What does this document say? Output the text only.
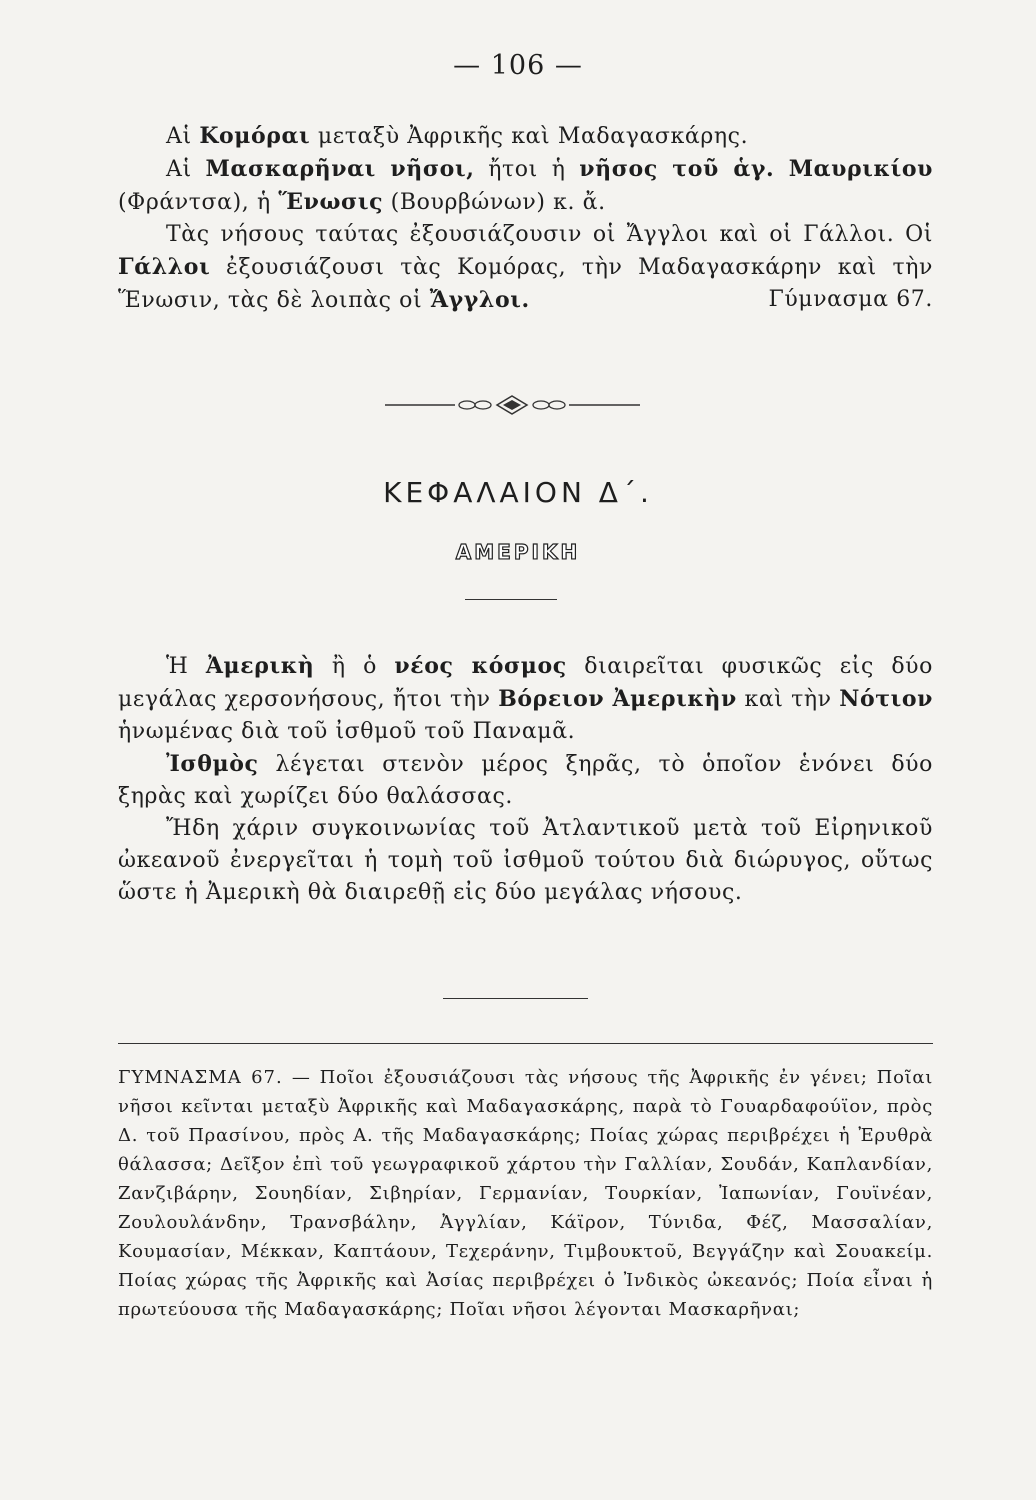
— 106 —

Αἱ Κομόραι μεταξὺ Ἀφρικῆς καὶ Μαδαγασκάρης.

Αἱ Μασκαρῆναι νῆσοι, ἤτοι ἡ νῆσος τοῦ ἁγ. Μαυρικίου (Φράντσα), ἡ Ἕνωσις (Βουρβώνων) κ. ἄ.

Τὰς νήσους ταύτας ἐξουσιάζουσιν οἱ Ἄγγλοι καὶ οἱ Γάλλοι. Οἱ Γάλλοι ἐξουσιάζουσι τὰς Κομόρας, τὴν Μαδαγασκάρην καὶ τὴν Ἕνωσιν, τὰς δὲ λοιπὰς οἱ Ἄγγλοι.	Γύμνασμα 67.

ΚΕΦΑΛΑΙΟΝ Δ΄.
ΑΜΕΡΙΚΗ

Ἡ Ἀμερικὴ ἢ ὁ νέος κόσμος διαιρεῖται φυσικῶς εἰς δύο μεγάλας χερσονήσους, ἤτοι τὴν Βόρειον Ἀμερικὴν καὶ τὴν Νότιον ἡνωμένας διὰ τοῦ ἰσθμοῦ τοῦ Παναμᾶ.

Ἰσθμὸς λέγεται στενὸν μέρος ξηρᾶς, τὸ ὁποῖον ἑνόνει δύο ξηρὰς καὶ χωρίζει δύο θαλάσσας.

Ἤδη χάριν συγκοινωνίας τοῦ Ἀτλαντικοῦ μετὰ τοῦ Εἰρηνικοῦ ὠκεανοῦ ἐνεργεῖται ἡ τομὴ τοῦ ἰσθμοῦ τούτου διὰ διώρυγος, οὕτως ὥστε ἡ Ἀμερικὴ θὰ διαιρεθῇ εἰς δύο μεγάλας νήσους.

ΓΥΜΝΑΣΜΑ 67. — Ποῖοι ἐξουσιάζουσι τὰς νήσους τῆς Ἀφρικῆς ἐν γένει; Ποῖαι νῆσοι κεῖνται μεταξὺ Ἀφρικῆς καὶ Μαδαγασκάρης, παρὰ τὸ Γουαρδαφούϊον, πρὸς Δ. τοῦ Πρασίνου, πρὸς Α. τῆς Μαδαγασκάρης; Ποίας χώρας περιβρέχει ἡ Ἐρυθρὰ θάλασσα; Δεῖξον ἐπὶ τοῦ γεωγραφικοῦ χάρτου τὴν Γαλλίαν, Σουδάν, Καπλανδίαν, Ζανζιβάρην, Σουηδίαν, Σιβηρίαν, Γερμανίαν, Τουρκίαν, Ἰαπωνίαν, Γουϊνέαν, Ζουλουλάνδην, Τρανσβάλην, Ἀγγλίαν, Κάϊρον, Τύνιδα, Φέζ, Μασσαλίαν, Κουμασίαν, Μέκκαν, Καπτάουν, Τεχεράνην, Τιμβουκτοῦ, Βεγγάζην καὶ Σουακείμ. Ποίας χώρας τῆς Ἀφρικῆς καὶ Ἀσίας περιβρέχει ὁ Ἰνδικὸς ὠκεανός; Ποία εἶναι ἡ πρωτεύουσα τῆς Μαδαγασκάρης; Ποῖαι νῆσοι λέγονται Μασκαρῆναι;
